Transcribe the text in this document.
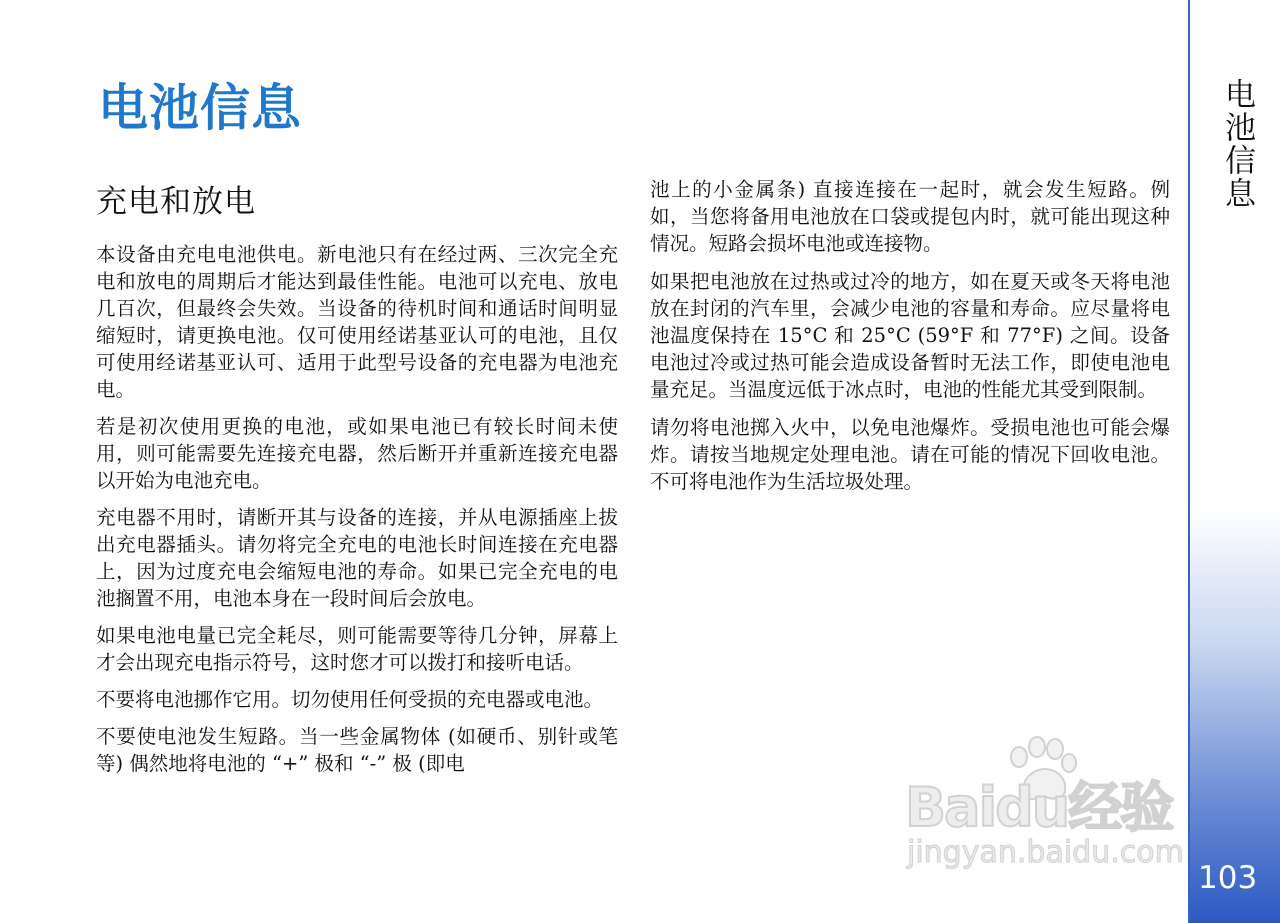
电池信息
充电和放电

本设备由充电电池供电。新电池只有在经过两、三次完全充电和放电的周期后才能达到最佳性能。电池可以充电、放电几百次，但最终会失效。当设备的待机时间和通话时间明显缩短时，请更换电池。仅可使用经诺基亚认可的电池，且仅可使用经诺基亚认可、适用于此型号设备的充电器为电池充电。

若是初次使用更换的电池，或如果电池已有较长时间未使用，则可能需要先连接充电器，然后断开并重新连接充电器以开始为电池充电。

充电器不用时，请断开其与设备的连接，并从电源插座上拔出充电器插头。请勿将完全充电的电池长时间连接在充电器上，因为过度充电会缩短电池的寿命。如果已完全充电的电池搁置不用，电池本身在一段时间后会放电。

如果电池电量已完全耗尽，则可能需要等待几分钟，屏幕上才会出现充电指示符号，这时您才可以拨打和接听电话。

不要将电池挪作它用。切勿使用任何受损的充电器或电池。

不要使电池发生短路。当一些金属物体 (如硬币、别针或笔等) 偶然地将电池的 “+” 极和 “-” 极 (即电

池上的小金属条) 直接连接在一起时，就会发生短路。例如，当您将备用电池放在口袋或提包内时，就可能出现这种情况。短路会损坏电池或连接物。

如果把电池放在过热或过冷的地方，如在夏天或冬天将电池放在封闭的汽车里，会减少电池的容量和寿命。应尽量将电池温度保持在 15°C 和 25°C (59°F 和 77°F) 之间。设备电池过冷或过热可能会造成设备暂时无法工作，即使电池电量充足。当温度远低于冰点时，电池的性能尤其受到限制。

请勿将电池掷入火中，以免电池爆炸。受损电池也可能会爆炸。请按当地规定处理电池。请在可能的情况下回收电池。不可将电池作为生活垃圾处理。

电池信息
103
Baidu经验
jingyan.baidu.com
